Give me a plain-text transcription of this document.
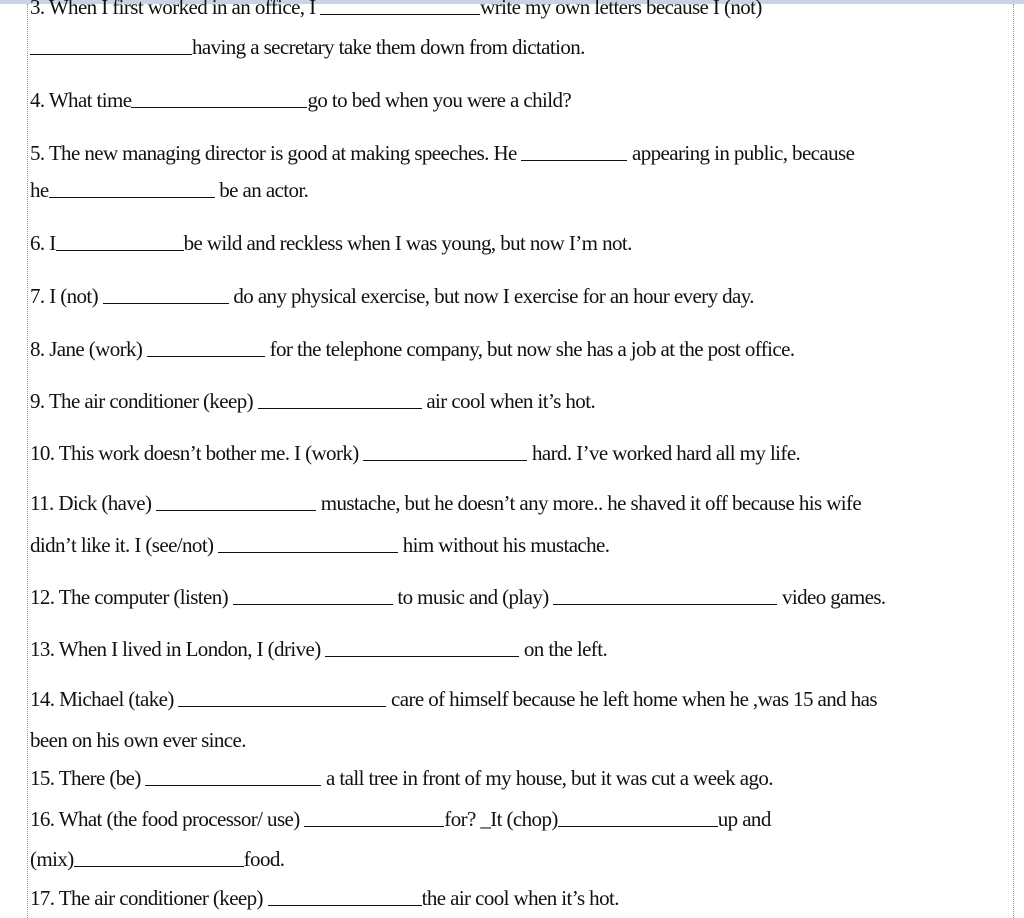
3. When I first worked in an office, I	write my own letters because I (not)
having a secretary take them down from dictation.
4. What time	go to bed when you were a child?
5. The new managing director is good at making speeches. He	appearing in public, because
he	be an actor.
6. I	be wild and reckless when I was young, but now I’m not.
7. I (not)	do any physical exercise, but now I exercise for an hour every day.
8. Jane (work)	for the telephone company, but now she has a job at the post office.
9. The air conditioner (keep)	air cool when it’s hot.
10. This work doesn’t bother me. I (work)	hard. I’ve worked hard all my life.
11. Dick (have)	mustache, but he doesn’t any more.. he shaved it off because his wife
didn’t like it. I (see/not)	him without his mustache.
12. The computer (listen)	to music and (play)	video games.
13. When I lived in London, I (drive)	on the left.
14. Michael (take)	care of himself because he left home when he ,was 15 and has
been on his own ever since.
15. There (be)	a tall tree in front of my house, but it was cut a week ago.
16. What (the food processor/ use)	for? _It (chop)	up and
(mix)	food.
17. The air conditioner (keep)	the air cool when it’s hot.
